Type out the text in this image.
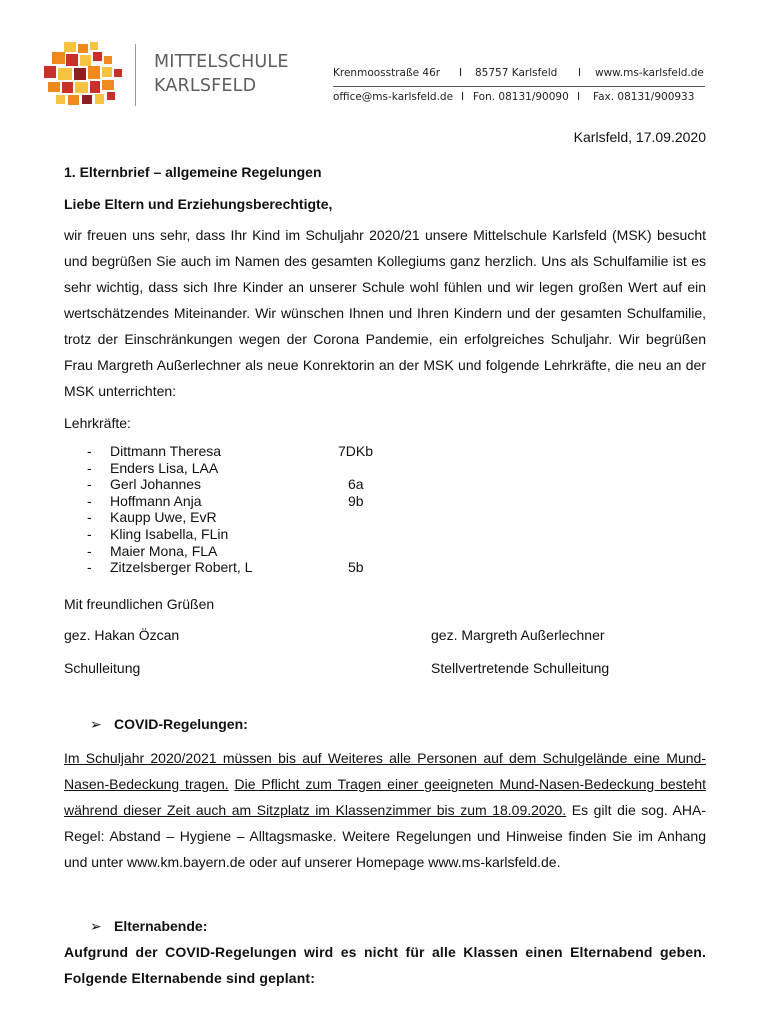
MITTELSCHULE
KARLSFELD
Krenmoosstraße 46r I 85757 Karlsfeld I www.ms-karlsfeld.de
office@ms-karlsfeld.de I Fon. 08131/90090 I Fax. 08131/900933
Karlsfeld, 17.09.2020
1. Elternbrief – allgemeine Regelungen
Liebe Eltern und Erziehungsberechtigte,
wir freuen uns sehr, dass Ihr Kind im Schuljahr 2020/21 unsere Mittelschule Karlsfeld (MSK) besucht und begrüßen Sie auch im Namen des gesamten Kollegiums ganz herzlich. Uns als Schulfamilie ist es sehr wichtig, dass sich Ihre Kinder an unserer Schule wohl fühlen und wir legen großen Wert auf ein wertschätzendes Miteinander. Wir wünschen Ihnen und Ihren Kindern und der gesamten Schulfamilie, trotz der Einschränkungen wegen der Corona Pandemie, ein erfolgreiches Schuljahr. Wir begrüßen Frau Margreth Außerlechner als neue Konrektorin an der MSK und folgende Lehrkräfte, die neu an der MSK unterrichten:
Lehrkräfte:
- Dittmann Theresa	7DKb
- Enders Lisa, LAA
- Gerl Johannes	6a
- Hoffmann Anja	9b
- Kaupp Uwe, EvR
- Kling Isabella, FLin
- Maier Mona, FLA
- Zitzelsberger Robert, L	5b
Mit freundlichen Grüßen
gez. Hakan Özcan	gez. Margreth Außerlechner
Schulleitung	Stellvertretende Schulleitung
➢ COVID-Regelungen:
Im Schuljahr 2020/2021 müssen bis auf Weiteres alle Personen auf dem Schulgelände eine Mund-Nasen-Bedeckung tragen. Die Pflicht zum Tragen einer geeigneten Mund-Nasen-Bedeckung besteht während dieser Zeit auch am Sitzplatz im Klassenzimmer bis zum 18.09.2020. Es gilt die sog. AHA-Regel: Abstand – Hygiene – Alltagsmaske. Weitere Regelungen und Hinweise finden Sie im Anhang und unter www.km.bayern.de oder auf unserer Homepage www.ms-karlsfeld.de.
➢ Elternabende:
Aufgrund der COVID-Regelungen wird es nicht für alle Klassen einen Elternabend geben. Folgende Elternabende sind geplant:
